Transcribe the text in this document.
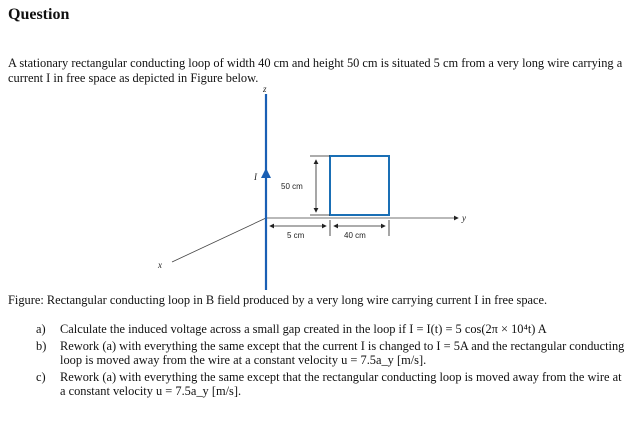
Question
A stationary rectangular conducting loop of width 40 cm and height 50 cm is situated 5 cm from a very long wire carrying a current I in free space as depicted in Figure below.
z
y
x
I
50 cm
5 cm	40 cm
Figure: Rectangular conducting loop in B field produced by a very long wire carrying current I in free space.
a)	Calculate the induced voltage across a small gap created in the loop if I = I(t) = 5 cos(2π × 10⁴t) A
b)	Rework (a) with everything the same except that the current I is changed to I = 5A and the rectangular conducting loop is moved away from the wire at a constant velocity u = 7.5a_y [m/s].
c)	Rework (a) with everything the same except that the rectangular conducting loop is moved away from the wire at a constant velocity u = 7.5a_y [m/s].
